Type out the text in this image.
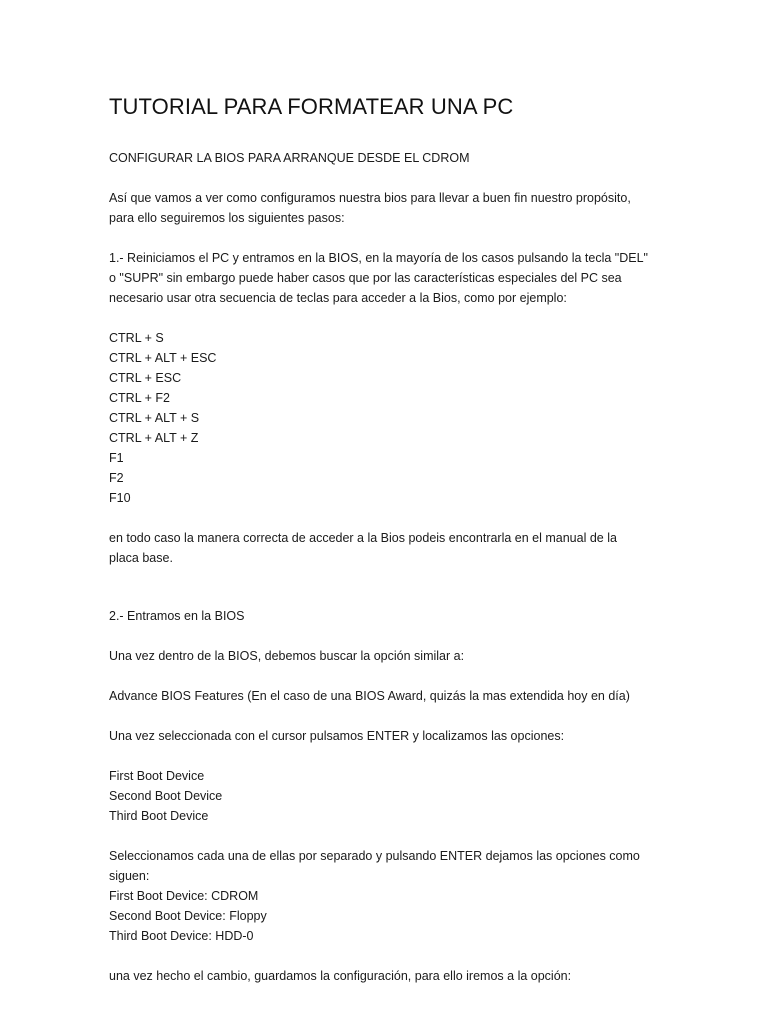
TUTORIAL PARA FORMATEAR UNA PC
CONFIGURAR LA BIOS PARA ARRANQUE DESDE EL CDROM
Así que vamos a ver como configuramos nuestra bios para llevar a buen fin nuestro propósito,
para ello seguiremos los siguientes pasos:
1.- Reiniciamos el PC y entramos en la BIOS, en la mayoría de los casos pulsando la tecla "DEL"
o "SUPR" sin embargo puede haber casos que por las características especiales del PC sea
necesario usar otra secuencia de teclas para acceder a la Bios, como por ejemplo:
CTRL + S
CTRL + ALT + ESC
CTRL + ESC
CTRL + F2
CTRL + ALT + S
CTRL + ALT + Z
F1
F2
F10
en todo caso la manera correcta de acceder a la Bios podeis encontrarla en el manual de la
placa base.
2.- Entramos en la BIOS
Una vez dentro de la BIOS, debemos buscar la opción similar a:
Advance BIOS Features (En el caso de una BIOS Award, quizás la mas extendida hoy en día)
Una vez seleccionada con el cursor pulsamos ENTER y localizamos las opciones:
First Boot Device
Second Boot Device
Third Boot Device
Seleccionamos cada una de ellas por separado y pulsando ENTER dejamos las opciones como
siguen:
First Boot Device: CDROM
Second Boot Device: Floppy
Third Boot Device: HDD-0
una vez hecho el cambio, guardamos la configuración, para ello iremos a la opción:
